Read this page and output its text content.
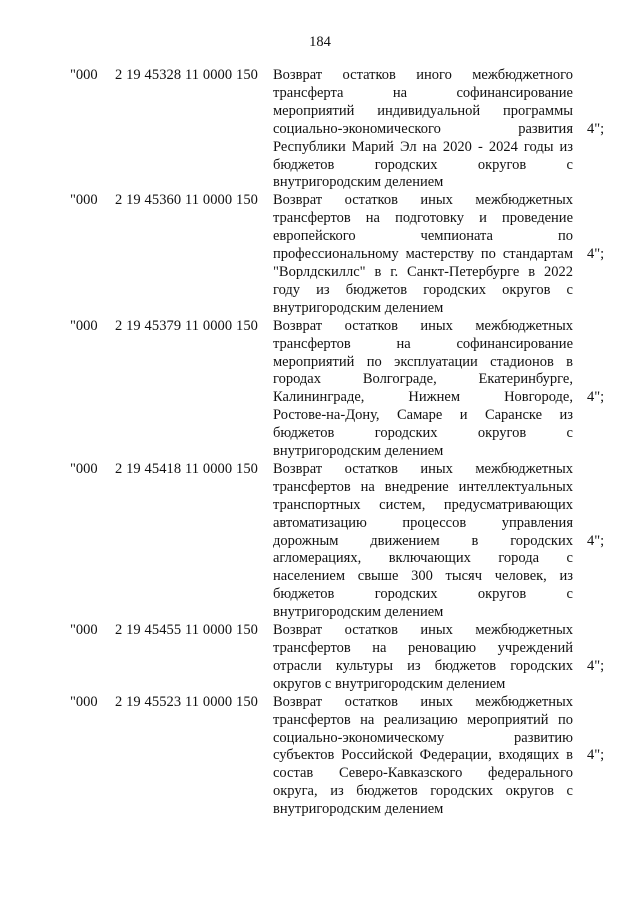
184
"000 2 19 45328 11 0000 150 Возврат остатков иного межбюджетного
трансферта на софинансирование
мероприятий индивидуальной программы
социально-экономического развития
Республики Марий Эл на 2020 - 2024 годы из
бюджетов городских округов с
внутригородским делением
4";
"000 2 19 45360 11 0000 150 Возврат остатков иных межбюджетных
трансфертов на подготовку и проведение
европейского чемпионата по
профессиональному мастерству по стандартам
"Ворлдскиллс" в г. Санкт-Петербурге в 2022
году из бюджетов городских округов с
внутригородским делением
4";
"000 2 19 45379 11 0000 150 Возврат остатков иных межбюджетных
трансфертов на софинансирование
мероприятий по эксплуатации стадионов в
городах Волгограде, Екатеринбурге,
Калининграде, Нижнем Новгороде,
Ростове-на-Дону, Самаре и Саранске из
бюджетов городских округов с
внутригородским делением
4";
"000 2 19 45418 11 0000 150 Возврат остатков иных межбюджетных
трансфертов на внедрение интеллектуальных
транспортных систем, предусматривающих
автоматизацию процессов управления
дорожным движением в городских
агломерациях, включающих города с
населением свыше 300 тысяч человек, из
бюджетов городских округов с
внутригородским делением
4";
"000 2 19 45455 11 0000 150 Возврат остатков иных межбюджетных
трансфертов на реновацию учреждений
отрасли культуры из бюджетов городских
округов с внутригородским делением
4";
"000 2 19 45523 11 0000 150 Возврат остатков иных межбюджетных
трансфертов на реализацию мероприятий по
социально-экономическому развитию
субъектов Российской Федерации, входящих в
состав Северо-Кавказского федерального
округа, из бюджетов городских округов с
внутригородским делением
4";
